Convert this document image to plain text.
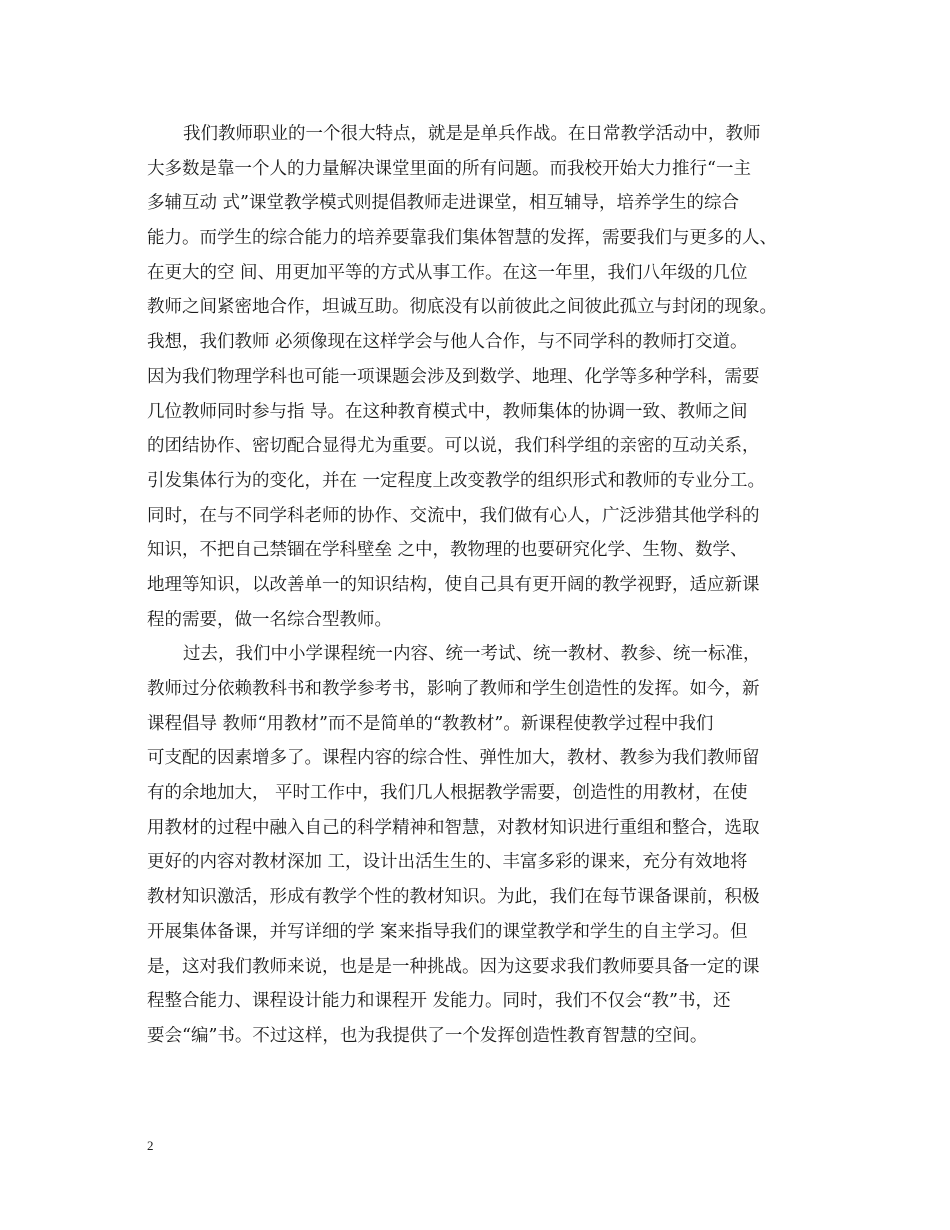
我们教师职业的一个很大特点，就是是单兵作战。在日常教学活动中，教师
大多数是靠一个人的力量解决课堂里面的所有问题。而我校开始大力推行“一主
多辅互动 式”课堂教学模式则提倡教师走进课堂，相互辅导，培养学生的综合
能力。而学生的综合能力的培养要靠我们集体智慧的发挥，需要我们与更多的人、
在更大的空 间、用更加平等的方式从事工作。在这一年里，我们八年级的几位
教师之间紧密地合作，坦诚互助。彻底没有以前彼此之间彼此孤立与封闭的现象。
我想，我们教师 必须像现在这样学会与他人合作，与不同学科的教师打交道。
因为我们物理学科也可能一项课题会涉及到数学、地理、化学等多种学科，需要
几位教师同时参与指 导。在这种教育模式中，教师集体的协调一致、教师之间
的团结协作、密切配合显得尤为重要。可以说，我们科学组的亲密的互动关系，
引发集体行为的变化，并在 一定程度上改变教学的组织形式和教师的专业分工。
同时，在与不同学科老师的协作、交流中，我们做有心人，广泛涉猎其他学科的
知识，不把自己禁锢在学科壁垒 之中，教物理的也要研究化学、生物、数学、
地理等知识，以改善单一的知识结构，使自己具有更开阔的教学视野，适应新课
程的需要，做一名综合型教师。
过去，我们中小学课程统一内容、统一考试、统一教材、教参、统一标准，
教师过分依赖教科书和教学参考书，影响了教师和学生创造性的发挥。如今，新
课程倡导 教师“用教材”而不是简单的“教教材”。新课程使教学过程中我们
可支配的因素增多了。课程内容的综合性、弹性加大，教材、教参为我们教师留
有的余地加大， 平时工作中，我们几人根据教学需要，创造性的用教材，在使
用教材的过程中融入自己的科学精神和智慧，对教材知识进行重组和整合，选取
更好的内容对教材深加 工，设计出活生生的、丰富多彩的课来，充分有效地将
教材知识激活，形成有教学个性的教材知识。为此，我们在每节课备课前，积极
开展集体备课，并写详细的学 案来指导我们的课堂教学和学生的自主学习。但
是，这对我们教师来说，也是是一种挑战。因为这要求我们教师要具备一定的课
程整合能力、课程设计能力和课程开 发能力。同时，我们不仅会“教”书，还
要会“编”书。不过这样，也为我提供了一个发挥创造性教育智慧的空间。
2
